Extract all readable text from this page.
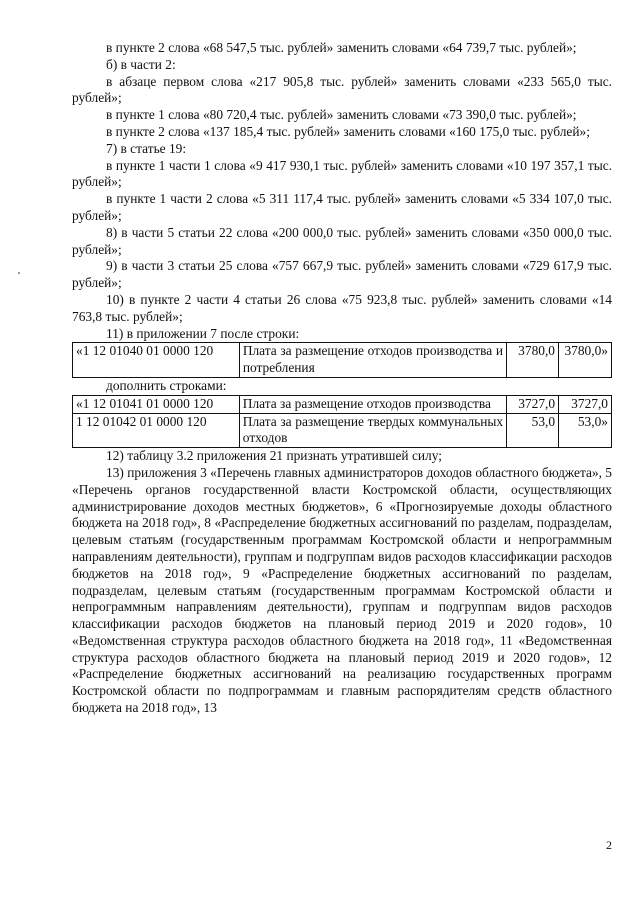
в пункте 2 слова «68 547,5 тыс. рублей» заменить словами «64 739,7 тыс. рублей»;

б) в части 2:

в абзаце первом слова «217 905,8 тыс. рублей» заменить словами «233 565,0 тыс. рублей»;

в пункте 1 слова «80 720,4 тыс. рублей» заменить словами «73 390,0 тыс. рублей»;

в пункте 2 слова «137 185,4 тыс. рублей» заменить словами «160 175,0 тыс. рублей»;

7) в статье 19:

в пункте 1 части 1 слова «9 417 930,1 тыс. рублей» заменить словами «10 197 357,1 тыс. рублей»;

в пункте 1 части 2 слова «5 311 117,4 тыс. рублей» заменить словами «5 334 107,0 тыс. рублей»;

8) в части 5 статьи 22 слова «200 000,0 тыс. рублей» заменить словами «350 000,0 тыс. рублей»;

9) в части 3 статьи 25 слова «757 667,9 тыс. рублей» заменить словами «729 617,9 тыс. рублей»;

10) в пункте 2 части 4 статьи 26 слова «75 923,8 тыс. рублей» заменить словами «14 763,8 тыс. рублей»;

11) в приложении 7 после строки:

«1 12 01040 01 0000 120	Плата за размещение отходов производства и потребления	3780,0	3780,0»

дополнить строками:

«1 12 01041 01 0000 120	Плата за размещение отходов производства	3727,0	3727,0
1 12 01042 01 0000 120	Плата за размещение твердых коммунальных отходов	53,0	53,0»

12) таблицу 3.2 приложения 21 признать утратившей силу;

13) приложения 3 «Перечень главных администраторов доходов областного бюджета», 5 «Перечень органов государственной власти Костромской области, осуществляющих администрирование доходов местных бюджетов», 6 «Прогнозируемые доходы областного бюджета на 2018 год», 8 «Распределение бюджетных ассигнований по разделам, подразделам, целевым статьям (государственным программам Костромской области и непрограммным направлениям деятельности), группам и подгруппам видов расходов классификации расходов бюджетов на 2018 год», 9 «Распределение бюджетных ассигнований по разделам, подразделам, целевым статьям (государственным программам Костромской области и непрограммным направлениям деятельности), группам и подгруппам видов расходов классификации расходов бюджетов на плановый период 2019 и 2020 годов», 10 «Ведомственная структура расходов областного бюджета на 2018 год», 11 «Ведомственная структура расходов областного бюджета на плановый период 2019 и 2020 годов», 12 «Распределение бюджетных ассигнований на реализацию государственных программ Костромской области по подпрограммам и главным распорядителям средств областного бюджета на 2018 год», 13

2
